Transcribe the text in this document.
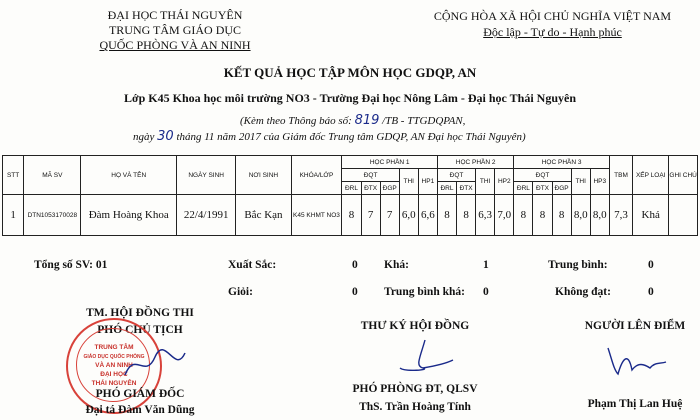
ĐẠI HỌC THÁI NGUYÊN
TRUNG TÂM GIÁO DỤC
QUỐC PHÒNG VÀ AN NINH
CỘNG HÒA XÃ HỘI CHỦ NGHĨA VIỆT NAM
Độc lập - Tự do - Hạnh phúc
KẾT QUẢ HỌC TẬP MÔN HỌC GDQP, AN
Lớp K45 Khoa học môi trường NO3 - Trường Đại học Nông Lâm - Đại học Thái Nguyên
(Kèm theo Thông báo số: 819 /TB - TTGDQPAN,
ngày 30 tháng 11 năm 2017 của Giám đốc Trung tâm GDQP, AN Đại học Thái Nguyên)
STT	MÃ SV	HỌ VÀ TÊN	NGÀY SINH	NƠI SINH	KHÓA/LỚP	HỌC PHẦN 1					HỌC PHẦN 2				HỌC PHẦN 3					TBM	XẾP LOẠI	GHI CHÚ
						ĐQT			THI	HP1	ĐQT		THI	HP2	ĐQT			THI	HP3			
						ĐRL	ĐTX	ĐGP			ĐRL	ĐTX			ĐRL	ĐTX	ĐGP					
1	DTN1053170028	Đàm Hoàng Khoa	22/4/1991	Bắc Kạn	K45 KHMT NO3	8	7	7	6,0	6,6	8	8	6,3	7,0	8	8	8	8,0	8,0	7,3	Khá	
Tổng số SV: 01	Xuất Sắc:	0 Khá:	1	Trung bình:	0
Giỏi:	0 Trung bình khá: 0	Không đạt:	0
TM. HỘI ĐỒNG THI
PHÓ CHỦ TỊCH
TRUNG TÂM
GIÁO DỤC QUỐC PHÒNG
VÀ AN NINH
ĐẠI HỌC
THÁI NGUYÊN
PHÓ GIÁM ĐỐC
Đại tá Đàm Văn Dũng
THƯ KÝ HỘI ĐỒNG
PHÓ PHÒNG ĐT, QLSV
ThS. Trần Hoàng Tính
NGƯỜI LÊN ĐIỂM
Phạm Thị Lan Huệ
